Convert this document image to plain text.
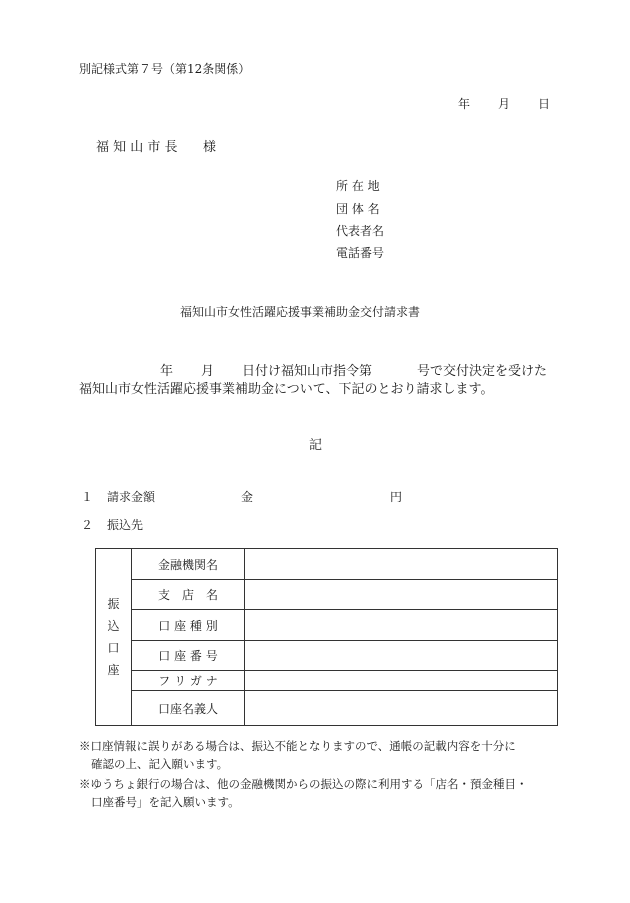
別記様式第７号（第12条関係）
年 月 日
福 知 山 市 長 様
所 在 地
団 体 名
代表者名
電話番号
福知山市女性活躍応援事業補助金交付請求書
年 月 日付け福知山市指令第	号で交付決定を受けた
福知山市女性活躍応援事業補助金について、下記のとおり請求します。
記
１ 請求金額	金	円
２ 振込先
振
込
口
座	金融機関名	
	支　店　名	
	口 座 種 別	
	口 座 番 号	
	フ リ ガ ナ	
	口座名義人	
※口座情報に誤りがある場合は、振込不能となりますので、通帳の記載内容を十分に
確認の上、記入願います。
※ゆうちょ銀行の場合は、他の金融機関からの振込の際に利用する「店名・預金種目・
口座番号」を記入願います。
